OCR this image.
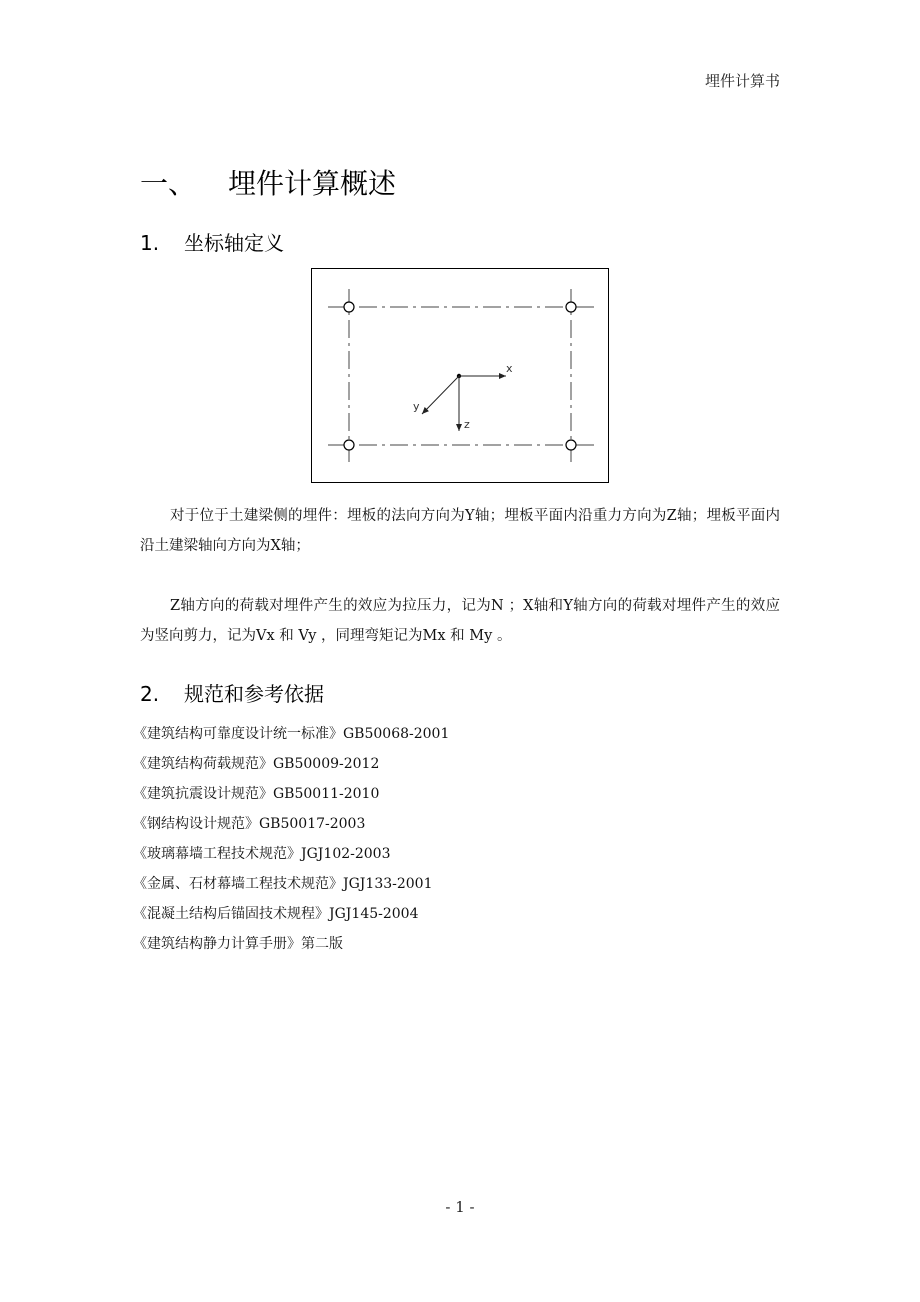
埋件计算书
一、 埋件计算概述
1. 坐标轴定义
x
z
y

对于位于土建梁侧的埋件：埋板的法向方向为Y轴；埋板平面内沿重力方向为Z轴；埋板平面内沿土建梁轴向方向为X轴；

Z轴方向的荷载对埋件产生的效应为拉压力，记为N ；X轴和Y轴方向的荷载对埋件产生的效应为竖向剪力，记为Vx 和 Vy ，同理弯矩记为Mx 和 My 。

2. 规范和参考依据
《建筑结构可靠度设计统一标准》GB50068-2001
《建筑结构荷载规范》GB50009-2012
《建筑抗震设计规范》GB50011-2010
《钢结构设计规范》GB50017-2003
《玻璃幕墙工程技术规范》JGJ102-2003
《金属、石材幕墙工程技术规范》JGJ133-2001
《混凝土结构后锚固技术规程》JGJ145-2004
《建筑结构静力计算手册》第二版
- 1 -
